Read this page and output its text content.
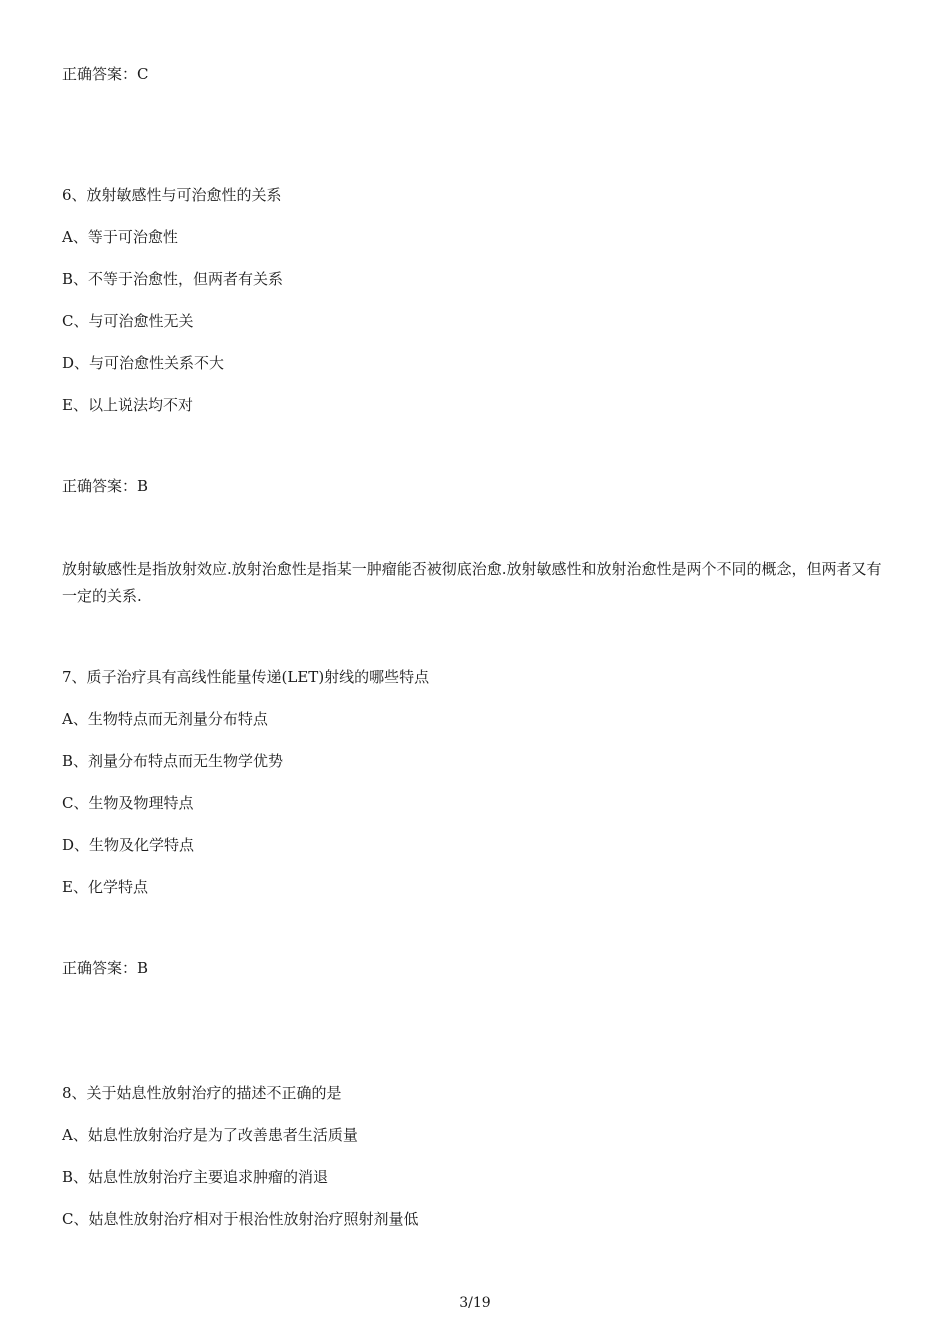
正确答案：C
6、放射敏感性与可治愈性的关系
A、等于可治愈性
B、不等于治愈性，但两者有关系
C、与可治愈性无关
D、与可治愈性关系不大
E、以上说法均不对
正确答案：B
放射敏感性是指放射效应.放射治愈性是指某一肿瘤能否被彻底治愈.放射敏感性和放射治愈性是两个不同的概念，但两者又有一定的关系.
7、质子治疗具有高线性能量传递(LET)射线的哪些特点
A、生物特点而无剂量分布特点
B、剂量分布特点而无生物学优势
C、生物及物理特点
D、生物及化学特点
E、化学特点
正确答案：B
8、关于姑息性放射治疗的描述不正确的是
A、姑息性放射治疗是为了改善患者生活质量
B、姑息性放射治疗主要追求肿瘤的消退
C、姑息性放射治疗相对于根治性放射治疗照射剂量低
3/19
